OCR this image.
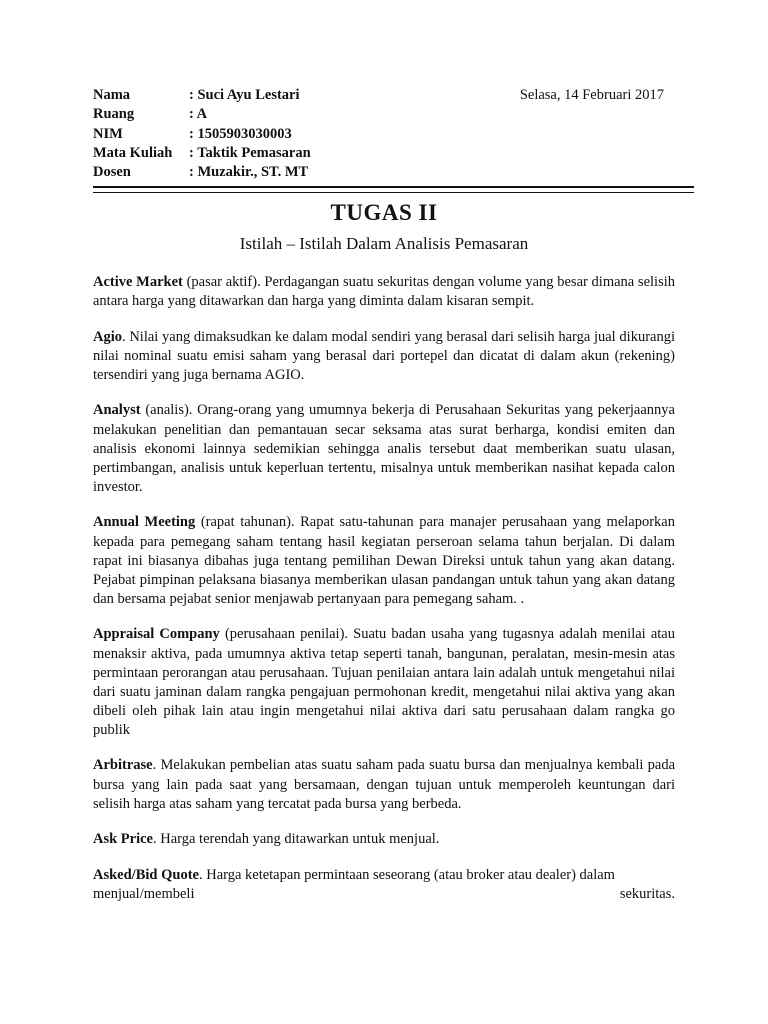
Nama	: Suci Ayu Lestari
Ruang	: A
NIM	: 1505903030003
Mata Kuliah	: Taktik Pemasaran
Dosen	: Muzakir., ST. MT
Selasa, 14 Februari 2017
TUGAS II
Istilah – Istilah Dalam Analisis Pemasaran

Active Market (pasar aktif). Perdagangan suatu sekuritas dengan volume yang besar dimana selisih antara harga yang ditawarkan dan harga yang diminta dalam kisaran sempit.

Agio. Nilai yang dimaksudkan ke dalam modal sendiri yang berasal dari selisih harga jual dikurangi nilai nominal suatu emisi saham yang berasal dari portepel dan dicatat di dalam akun (rekening) tersendiri yang juga bernama AGIO.

Analyst (analis). Orang-orang yang umumnya bekerja di Perusahaan Sekuritas yang pekerjaannya melakukan penelitian dan pemantauan secar seksama atas surat berharga, kondisi emiten dan analisis ekonomi lainnya sedemikian sehingga analis tersebut daat memberikan suatu ulasan, pertimbangan, analisis untuk keperluan tertentu, misalnya untuk memberikan nasihat kepada calon investor.

Annual Meeting (rapat tahunan). Rapat satu-tahunan para manajer perusahaan yang melaporkan kepada para pemegang saham tentang hasil kegiatan perseroan selama tahun berjalan. Di dalam rapat ini biasanya dibahas juga tentang pemilihan Dewan Direksi untuk tahun yang akan datang. Pejabat pimpinan pelaksana biasanya memberikan ulasan pandangan untuk tahun yang akan datang dan bersama pejabat senior menjawab pertanyaan para pemegang saham. .

Appraisal Company (perusahaan penilai). Suatu badan usaha yang tugasnya adalah menilai atau menaksir aktiva, pada umumnya aktiva tetap seperti tanah, bangunan, peralatan, mesin-mesin atas permintaan perorangan atau perusahaan. Tujuan penilaian antara lain adalah untuk mengetahui nilai dari suatu jaminan dalam rangka pengajuan permohonan kredit, mengetahui nilai aktiva yang akan dibeli oleh pihak lain atau ingin mengetahui nilai aktiva dari satu perusahaan dalam rangka go publik

Arbitrase. Melakukan pembelian atas suatu saham pada suatu bursa dan menjualnya kembali pada bursa yang lain pada saat yang bersamaan, dengan tujuan untuk memperoleh keuntungan dari selisih harga atas saham yang tercatat pada bursa yang berbeda.

Ask Price. Harga terendah yang ditawarkan untuk menjual.

Asked/Bid Quote. Harga ketetapan permintaan seseorang (atau broker atau dealer) dalam
menjual/membeli	sekuritas.
